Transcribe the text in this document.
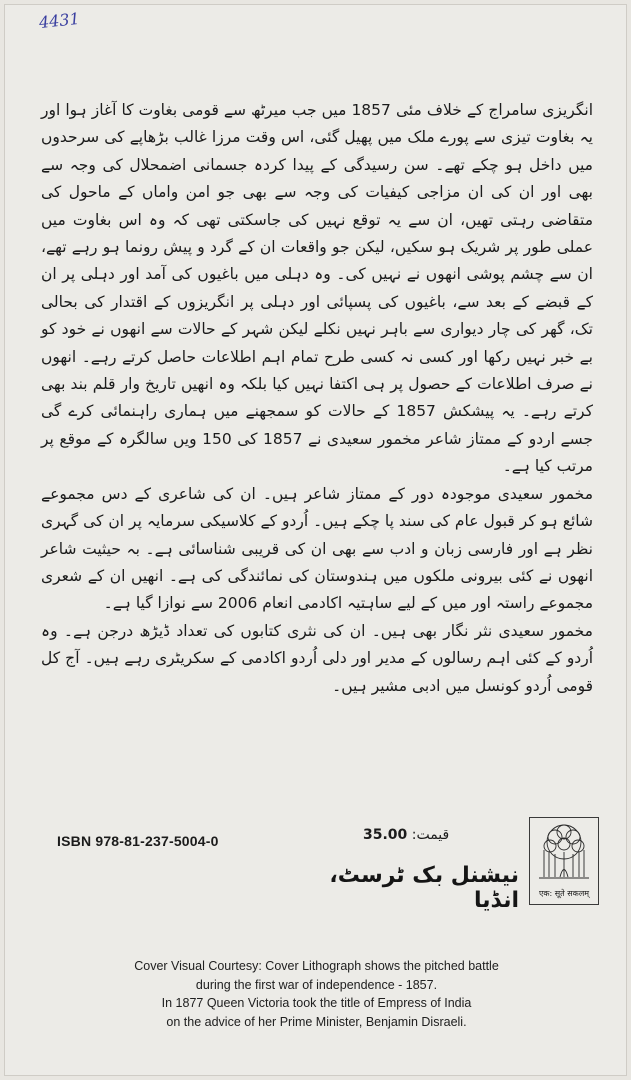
4431

انگریزی سامراج کے خلاف مئی 1857 میں جب میرٹھ سے قومی بغاوت کا آغاز ہوا اور یہ بغاوت تیزی سے پورے ملک میں پھیل گئی، اس وقت مرزا غالب بڑھاپے کی سرحدوں میں داخل ہو چکے تھے۔ سن رسیدگی کے پیدا کردہ جسمانی اضمحلال کی وجہ سے بھی اور ان کی ان مزاجی کیفیات کی وجہ سے بھی جو امن واماں کے ماحول کی متقاضی رہتی تھیں، ان سے یہ توقع نہیں کی جاسکتی تھی کہ وہ اس بغاوت میں عملی طور پر شریک ہو سکیں، لیکن جو واقعات ان کے گرد و پیش رونما ہو رہے تھے، ان سے چشم پوشی انھوں نے نہیں کی۔ وہ دہلی میں باغیوں کی آمد اور دہلی پر ان کے قبضے کے بعد سے، باغیوں کی پسپائی اور دہلی پر انگریزوں کے اقتدار کی بحالی تک، گھر کی چار دیواری سے باہر نہیں نکلے لیکن شہر کے حالات سے انھوں نے خود کو بے خبر نہیں رکھا اور کسی نہ کسی طرح تمام اہم اطلاعات حاصل کرتے رہے۔ انھوں نے صرف اطلاعات کے حصول پر ہی اکتفا نہیں کیا بلکہ وہ انھیں تاریخ وار قلم بند بھی کرتے رہے۔ یہ پیشکش 1857 کے حالات کو سمجھنے میں ہماری راہنمائی کرے گی جسے اردو کے ممتاز شاعر مخمور سعیدی نے 1857 کی 150 ویں سالگرہ کے موقع پر مرتب کیا ہے۔

مخمور سعیدی موجودہ دور کے ممتاز شاعر ہیں۔ ان کی شاعری کے دس مجموعے شائع ہو کر قبول عام کی سند پا چکے ہیں۔ اُردو کے کلاسیکی سرمایہ پر ان کی گہری نظر ہے اور فارسی زبان و ادب سے بھی ان کی قریبی شناسائی ہے۔ بہ حیثیت شاعر انھوں نے کئی بیرونی ملکوں میں ہندوستان کی نمائندگی کی ہے۔ انھیں ان کے شعری مجموعے راستہ اور میں کے لیے ساہتیہ اکادمی انعام 2006 سے نوازا گیا ہے۔

مخمور سعیدی نثر نگار بھی ہیں۔ ان کی نثری کتابوں کی تعداد ڈیڑھ درجن ہے۔ وہ اُردو کے کئی اہم رسالوں کے مدیر اور دلی اُردو اکادمی کے سکریٹری رہے ہیں۔ آج کل قومی اُردو کونسل میں ادبی مشیر ہیں۔

ISBN 978-81-237-5004-0	قیمت: 35.00
نیشنل بک ٹرسٹ، انڈیا	एक: सूते सकलम्
Cover Visual Courtesy: Cover Lithograph shows the pitched battle
during the first war of independence - 1857.
In 1877 Queen Victoria took the title of Empress of India
on the advice of her Prime Minister, Benjamin Disraeli.
